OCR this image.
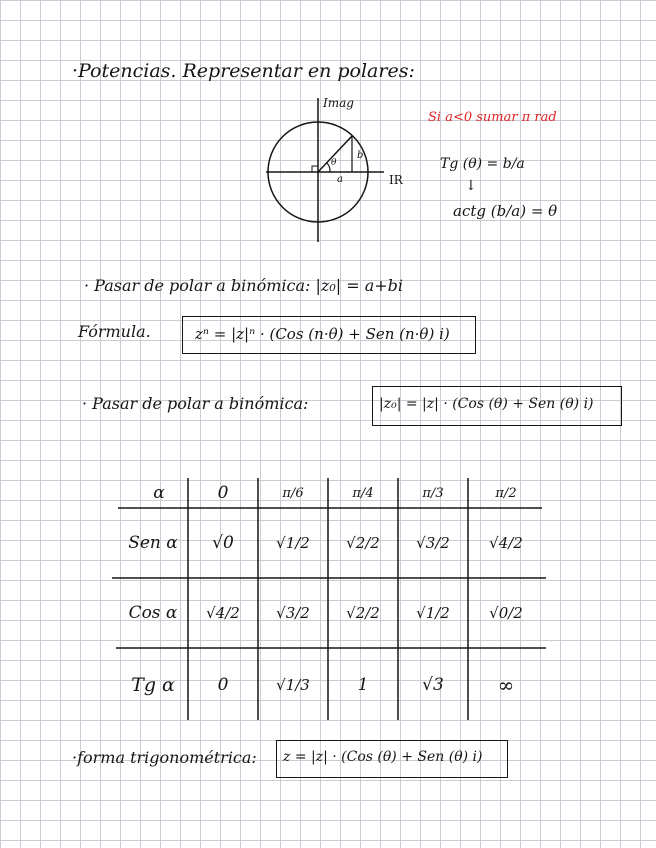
·Potencias. Representar en polares:
Imag
IR
b
a
θ
Si a<0 sumar π rad
Tg (θ) = b/a
↓
actg (b/a) = θ
· Pasar de polar a binómica: |z₀| = a+bi
Fórmula.	zⁿ = |z|ⁿ · (Cos (n·θ) + Sen (n·θ) i)
· Pasar de polar a binómica:	|z₀| = |z| · (Cos (θ) + Sen (θ) i)
α	0	π/6	π/4	π/3	π/2
Sen α	√0	√1/2	√2/2	√3/2	√4/2
Cos α	√4/2	√3/2	√2/2	√1/2	√0/2
Tg α	0	√1/3	1	√3	∞
·forma trigonométrica: z = |z| · (Cos (θ) + Sen (θ) i)
